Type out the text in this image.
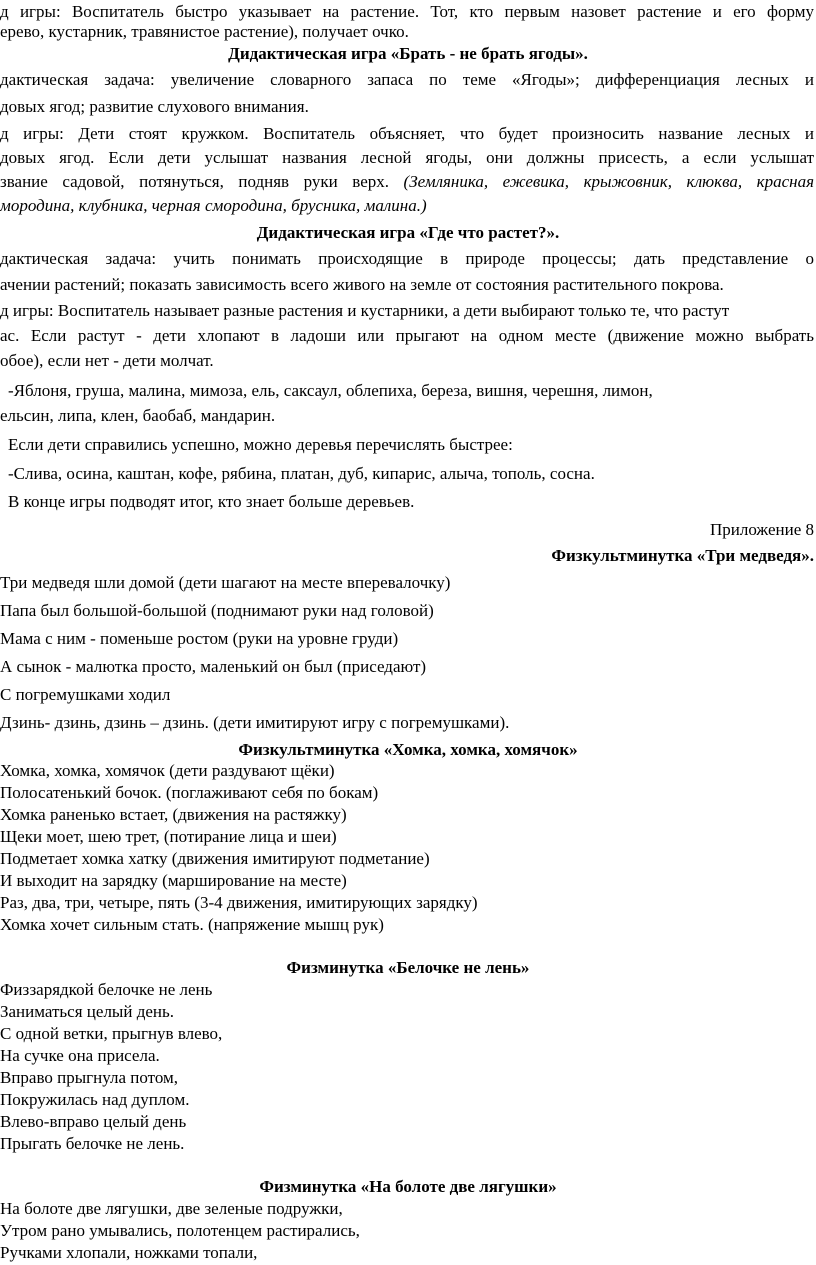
д игры: Воспитатель быстро указывает на растение. Тот, кто первым назовет растение и его форму
ерево, кустарник, травянистое растение), получает очко.
Дидактическая игра «Брать - не брать ягоды».
дактическая задача: увеличение словарного запаса по теме «Ягоды»; дифференциация лесных и
довых ягод; развитие слухового внимания.
д игры: Дети стоят кружком. Воспитатель объясняет, что будет произносить название лесных и
довых ягод. Если дети услышат названия лесной ягоды, они должны присесть, а если услышат
звание садовой, потянуться, подняв руки верх. (Земляника, ежевика, крыжовник, клюква, красная
мородина, клубника, черная смородина, брусника, малина.)
Дидактическая игра «Где что растет?».
дактическая задача: учить понимать происходящие в природе процессы; дать представление о
ачении растений; показать зависимость всего живого на земле от состояния растительного покрова.
д игры: Воспитатель называет разные растения и кустарники, а дети выбирают только те, что растут
ас. Если растут - дети хлопают в ладоши или прыгают на одном месте (движение можно выбрать
обое), если нет - дети молчат.
-Яблоня, груша, малина, мимоза, ель, саксаул, облепиха, береза, вишня, черешня, лимон,
ельсин, липа, клен, баобаб, мандарин.
Если дети справились успешно, можно деревья перечислять быстрее:
-Слива, осина, каштан, кофе, рябина, платан, дуб, кипарис, алыча, тополь, сосна.
В конце игры подводят итог, кто знает больше деревьев.
Приложение 8
Физкультминутка «Три медведя».
Три медведя шли домой (дети шагают на месте вперевалочку)
Папа был большой-большой (поднимают руки над головой)
Мама с ним - поменьше ростом (руки на уровне груди)
А сынок - малютка просто, маленький он был (приседают)
С погремушками ходил
Дзинь- дзинь, дзинь – дзинь. (дети имитируют игру с погремушками).
Физкультминутка «Хомка, хомка, хомячок»
Хомка, хомка, хомячок (дети раздувают щёки)
Полосатенький бочок. (поглаживают себя по бокам)
Хомка раненько встает, (движения на растяжку)
Щеки моет, шею трет, (потирание лица и шеи)
Подметает хомка хатку (движения имитируют подметание)
И выходит на зарядку (марширование на месте)
Раз, два, три, четыре, пять (3-4 движения, имитирующих зарядку)
Хомка хочет сильным стать. (напряжение мышц рук)
Физминутка «Белочке не лень»
Физзарядкой белочке не лень
Заниматься целый день.
С одной ветки, прыгнув влево,
На сучке она присела.
Вправо прыгнула потом,
Покружилась над дуплом.
Влево-вправо целый день
Прыгать белочке не лень.
Физминутка «На болоте две лягушки»
На болоте две лягушки, две зеленые подружки,
Утром рано умывались, полотенцем растирались,
Ручками хлопали, ножками топали,
